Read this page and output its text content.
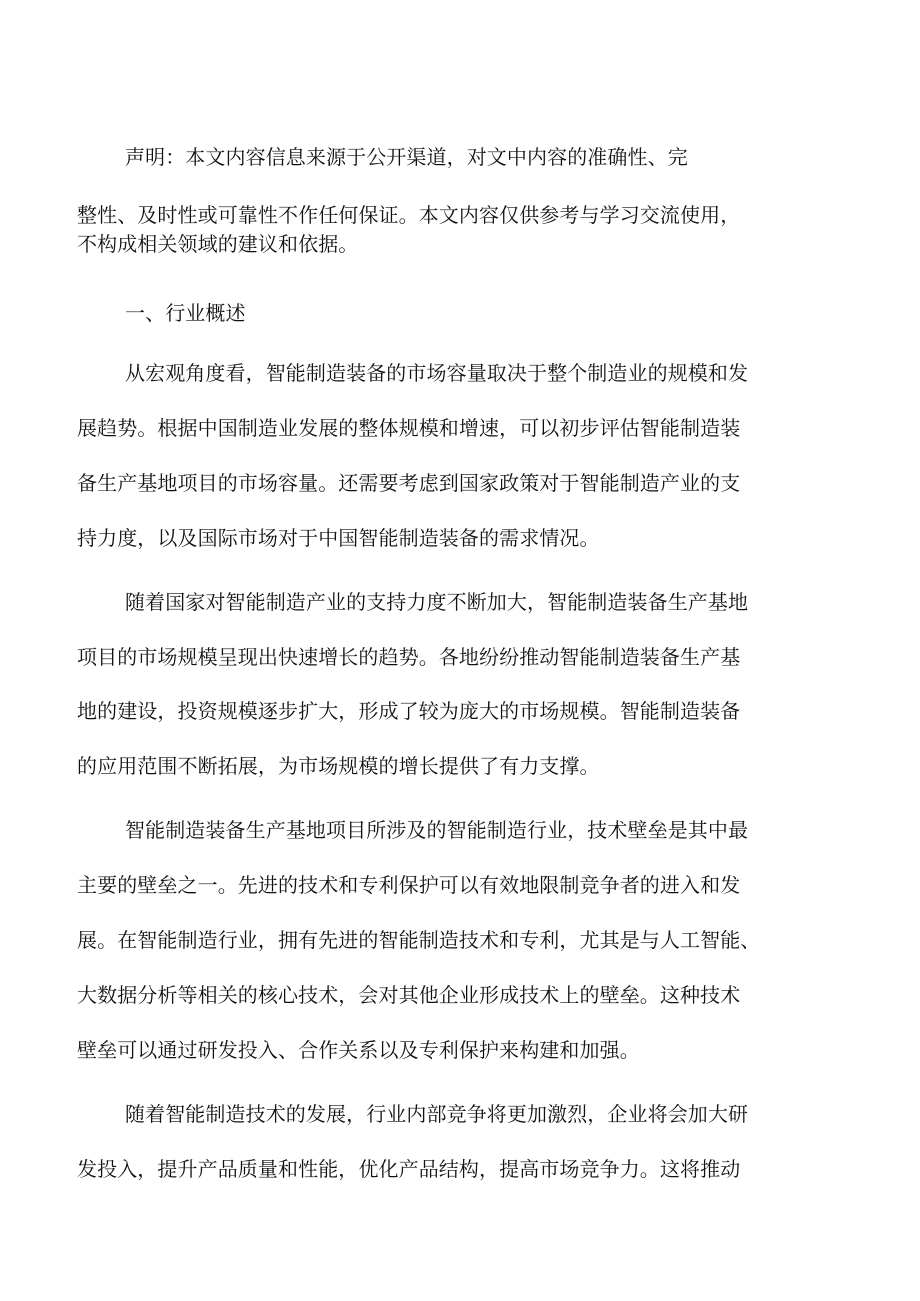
声明：本文内容信息来源于公开渠道，对文中内容的准确性、完
整性、及时性或可靠性不作任何保证。本文内容仅供参考与学习交流使用，
不构成相关领域的建议和依据。
一、行业概述
从宏观角度看，智能制造装备的市场容量取决于整个制造业的规模和发
展趋势。根据中国制造业发展的整体规模和增速，可以初步评估智能制造装
备生产基地项目的市场容量。还需要考虑到国家政策对于智能制造产业的支
持力度，以及国际市场对于中国智能制造装备的需求情况。
随着国家对智能制造产业的支持力度不断加大，智能制造装备生产基地
项目的市场规模呈现出快速增长的趋势。各地纷纷推动智能制造装备生产基
地的建设，投资规模逐步扩大，形成了较为庞大的市场规模。智能制造装备
的应用范围不断拓展，为市场规模的增长提供了有力支撑。
智能制造装备生产基地项目所涉及的智能制造行业，技术壁垒是其中最
主要的壁垒之一。先进的技术和专利保护可以有效地限制竞争者的进入和发
展。在智能制造行业，拥有先进的智能制造技术和专利，尤其是与人工智能、
大数据分析等相关的核心技术，会对其他企业形成技术上的壁垒。这种技术
壁垒可以通过研发投入、合作关系以及专利保护来构建和加强。
随着智能制造技术的发展，行业内部竞争将更加激烈，企业将会加大研
发投入，提升产品质量和性能，优化产品结构，提高市场竞争力。这将推动
